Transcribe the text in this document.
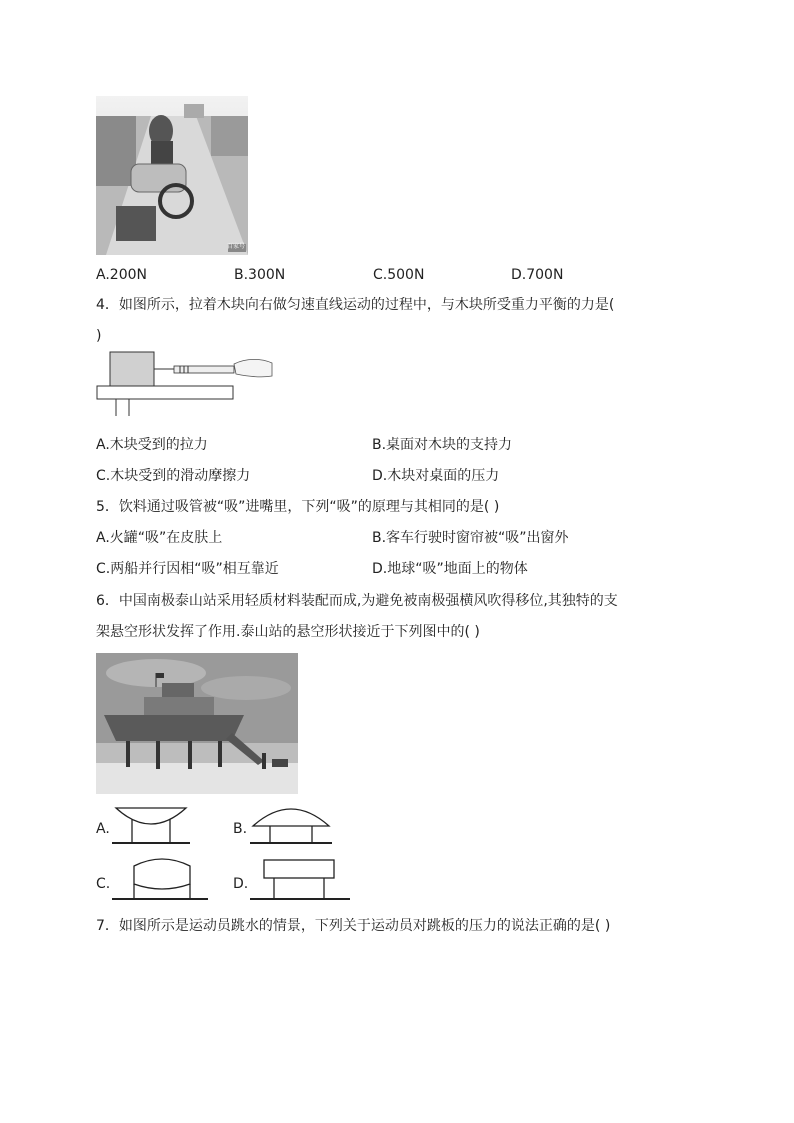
百家号
A.200N	B.300N	C.500N	D.700N
4．如图所示，拉着木块向右做匀速直线运动的过程中，与木块所受重力平衡的力是(
)
A.木块受到的拉力	B.桌面对木块的支持力
C.木块受到的滑动摩擦力	D.木块对桌面的压力
5．饮料通过吸管被“吸”进嘴里，下列“吸”的原理与其相同的是( )
A.火罐“吸”在皮肤上	B.客车行驶时窗帘被“吸”出窗外
C.两船并行因相“吸”相互靠近	D.地球“吸”地面上的物体
6．中国南极泰山站采用轻质材料装配而成,为避免被南极强横风吹得移位,其独特的支
架悬空形状发挥了作用.泰山站的悬空形状接近于下列图中的( )
A.	B.
C.	D.
7．如图所示是运动员跳水的情景，下列关于运动员对跳板的压力的说法正确的是( )
